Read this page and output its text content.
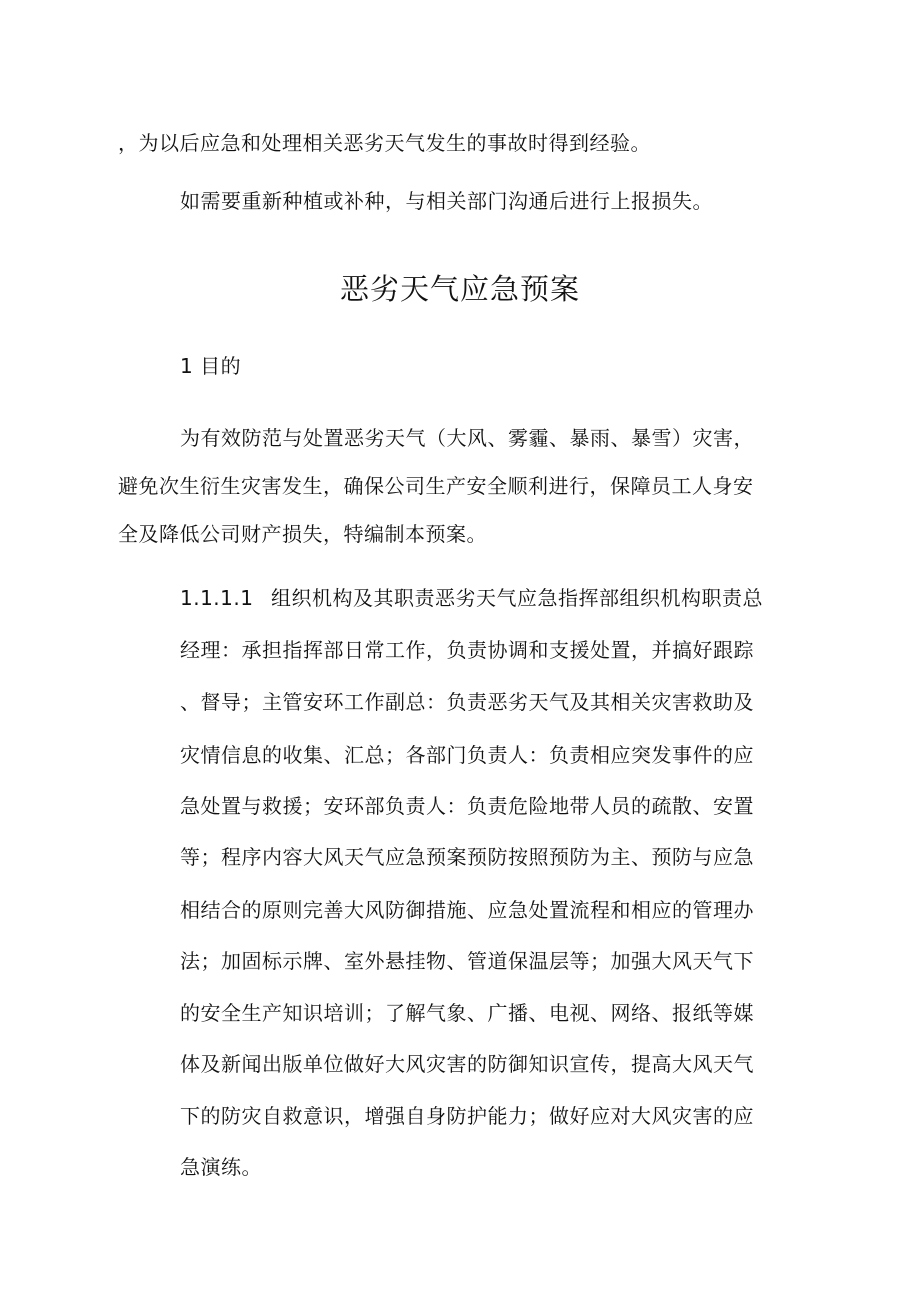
，为以后应急和处理相关恶劣天气发生的事故时得到经验。
如需要重新种植或补种，与相关部门沟通后进行上报损失。
恶劣天气应急预案
1 目的
为有效防范与处置恶劣天气（大风、雾霾、暴雨、暴雪）灾害，
避免次生衍生灾害发生，确保公司生产安全顺利进行，保障员工人身安
全及降低公司财产损失，特编制本预案。
1.1.1.1 组织机构及其职责恶劣天气应急指挥部组织机构职责总
经理：承担指挥部日常工作，负责协调和支援处置，并搞好跟踪
、督导；主管安环工作副总：负责恶劣天气及其相关灾害救助及
灾情信息的收集、汇总；各部门负责人：负责相应突发事件的应
急处置与救援；安环部负责人：负责危险地带人员的疏散、安置
等；程序内容大风天气应急预案预防按照预防为主、预防与应急
相结合的原则完善大风防御措施、应急处置流程和相应的管理办
法；加固标示牌、室外悬挂物、管道保温层等；加强大风天气下
的安全生产知识培训；了解气象、广播、电视、网络、报纸等媒
体及新闻出版单位做好大风灾害的防御知识宣传，提高大风天气
下的防灾自救意识，增强自身防护能力；做好应对大风灾害的应
急演练。
